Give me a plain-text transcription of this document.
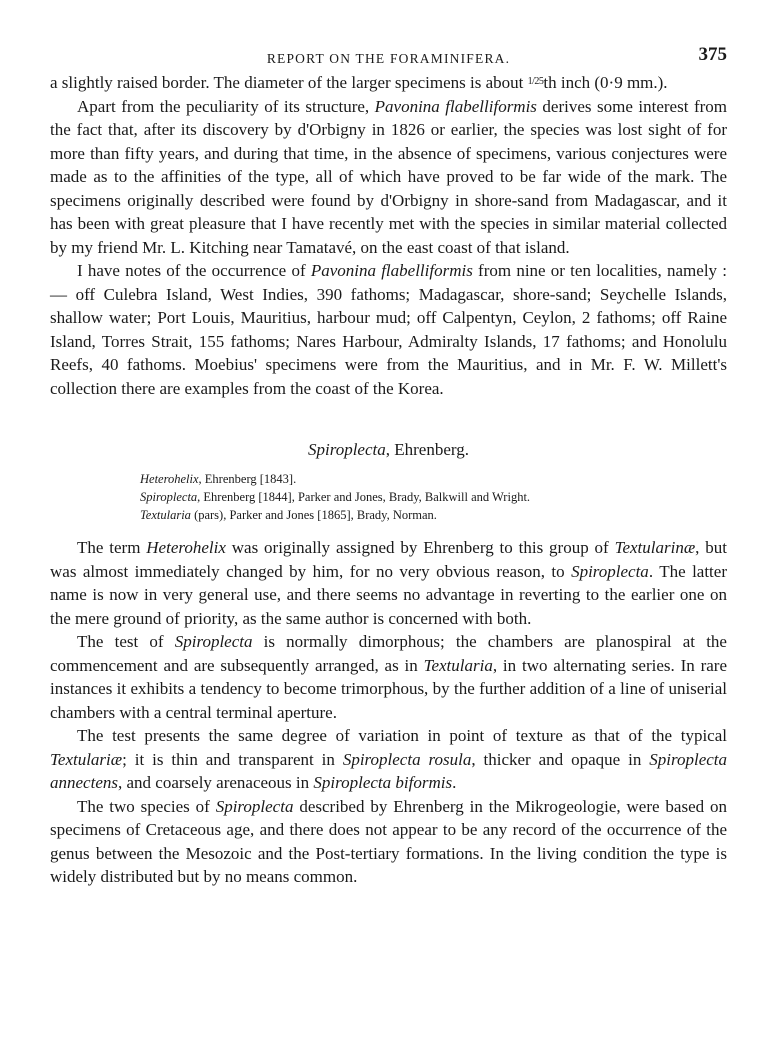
REPORT ON THE FORAMINIFERA.	375

a slightly raised border. The diameter of the larger specimens is about $^{1/25}$th inch (0·9 mm.).

Apart from the peculiarity of its structure, Pavonina flabelliformis derives some interest from the fact that, after its discovery by d'Orbigny in 1826 or earlier, the species was lost sight of for more than fifty years, and during that time, in the absence of specimens, various conjectures were made as to the affinities of the type, all of which have proved to be far wide of the mark. The specimens originally described were found by d'Orbigny in shore-sand from Madagascar, and it has been with great pleasure that I have recently met with the species in similar material collected by my friend Mr. L. Kitching near Tamatavé, on the east coast of that island.

I have notes of the occurrence of Pavonina flabelliformis from nine or ten localities, namely :— off Culebra Island, West Indies, 390 fathoms; Madagascar, shore-sand; Seychelle Islands, shallow water; Port Louis, Mauritius, harbour mud; off Calpentyn, Ceylon, 2 fathoms; off Raine Island, Torres Strait, 155 fathoms; Nares Harbour, Admiralty Islands, 17 fathoms; and Honolulu Reefs, 40 fathoms. Moebius' specimens were from the Mauritius, and in Mr. F. W. Millett's collection there are examples from the coast of the Korea.

Spiroplecta, Ehrenberg.
Heterohelix, Ehrenberg [1843].
Spiroplecta, Ehrenberg [1844], Parker and Jones, Brady, Balkwill and Wright.
Textularia (pars), Parker and Jones [1865], Brady, Norman.

The term Heterohelix was originally assigned by Ehrenberg to this group of Textularinæ, but was almost immediately changed by him, for no very obvious reason, to Spiroplecta. The latter name is now in very general use, and there seems no advantage in reverting to the earlier one on the mere ground of priority, as the same author is concerned with both.

The test of Spiroplecta is normally dimorphous; the chambers are planospiral at the commencement and are subsequently arranged, as in Textularia, in two alternating series. In rare instances it exhibits a tendency to become trimorphous, by the further addition of a line of uniserial chambers with a central terminal aperture.

The test presents the same degree of variation in point of texture as that of the typical Textulariæ; it is thin and transparent in Spiroplecta rosula, thicker and opaque in Spiroplecta annectens, and coarsely arenaceous in Spiroplecta biformis.

The two species of Spiroplecta described by Ehrenberg in the Mikrogeologie, were based on specimens of Cretaceous age, and there does not appear to be any record of the occurrence of the genus between the Mesozoic and the Post-tertiary formations. In the living condition the type is widely distributed but by no means common.
